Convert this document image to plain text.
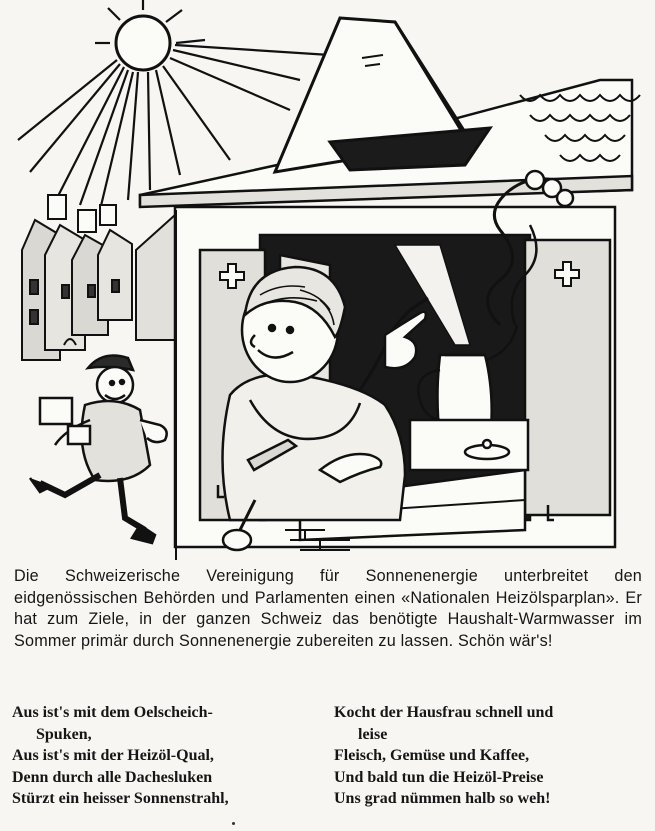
Die Schweizerische Vereinigung für Sonnenenergie unterbreitet den eidgenössischen Behörden und Parlamenten einen «Nationalen Heizölsparplan». Er hat zum Ziele, in der ganzen Schweiz das benötigte Haushalt-Warmwasser im Sommer primär durch Sonnenenergie zubereiten zu lassen. Schön wär's!
Aus ist's mit dem Oelscheich-
Spuken,
Aus ist's mit der Heizöl-Qual,
Denn durch alle Dachesluken
Stürzt ein heisser Sonnenstrahl,
Kocht der Hausfrau schnell und
leise
Fleisch, Gemüse und Kaffee,
Und bald tun die Heizöl-Preise
Uns grad nümmen halb so weh!
